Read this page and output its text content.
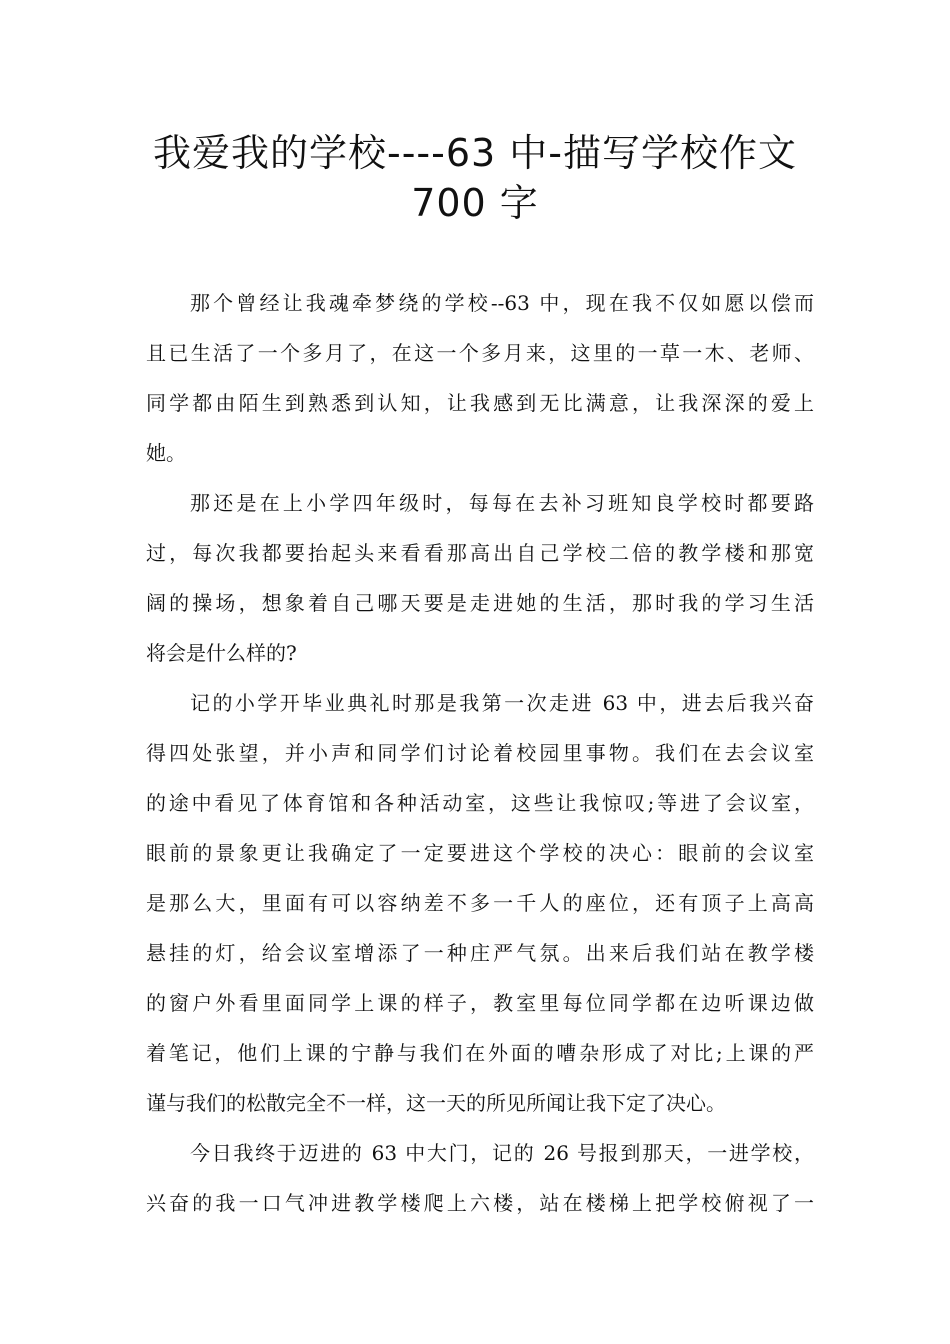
我爱我的学校----63 中-描写学校作文
700 字

那个曾经让我魂牵梦绕的学校--63 中，现在我不仅如愿以偿而
且已生活了一个多月了，在这一个多月来，这里的一草一木、老师、
同学都由陌生到熟悉到认知，让我感到无比满意，让我深深的爱上
她。

那还是在上小学四年级时，每每在去补习班知良学校时都要路
过，每次我都要抬起头来看看那高出自己学校二倍的教学楼和那宽
阔的操场，想象着自己哪天要是走进她的生活，那时我的学习生活
将会是什么样的?

记的小学开毕业典礼时那是我第一次走进 63 中，进去后我兴奋
得四处张望，并小声和同学们讨论着校园里事物。我们在去会议室
的途中看见了体育馆和各种活动室，这些让我惊叹;等进了会议室，
眼前的景象更让我确定了一定要进这个学校的决心：眼前的会议室
是那么大，里面有可以容纳差不多一千人的座位，还有顶子上高高
悬挂的灯，给会议室增添了一种庄严气氛。出来后我们站在教学楼
的窗户外看里面同学上课的样子，教室里每位同学都在边听课边做
着笔记，他们上课的宁静与我们在外面的嘈杂形成了对比;上课的严
谨与我们的松散完全不一样，这一天的所见所闻让我下定了决心。

今日我终于迈进的 63 中大门，记的 26 号报到那天，一进学校，
兴奋的我一口气冲进教学楼爬上六楼，站在楼梯上把学校俯视了一
